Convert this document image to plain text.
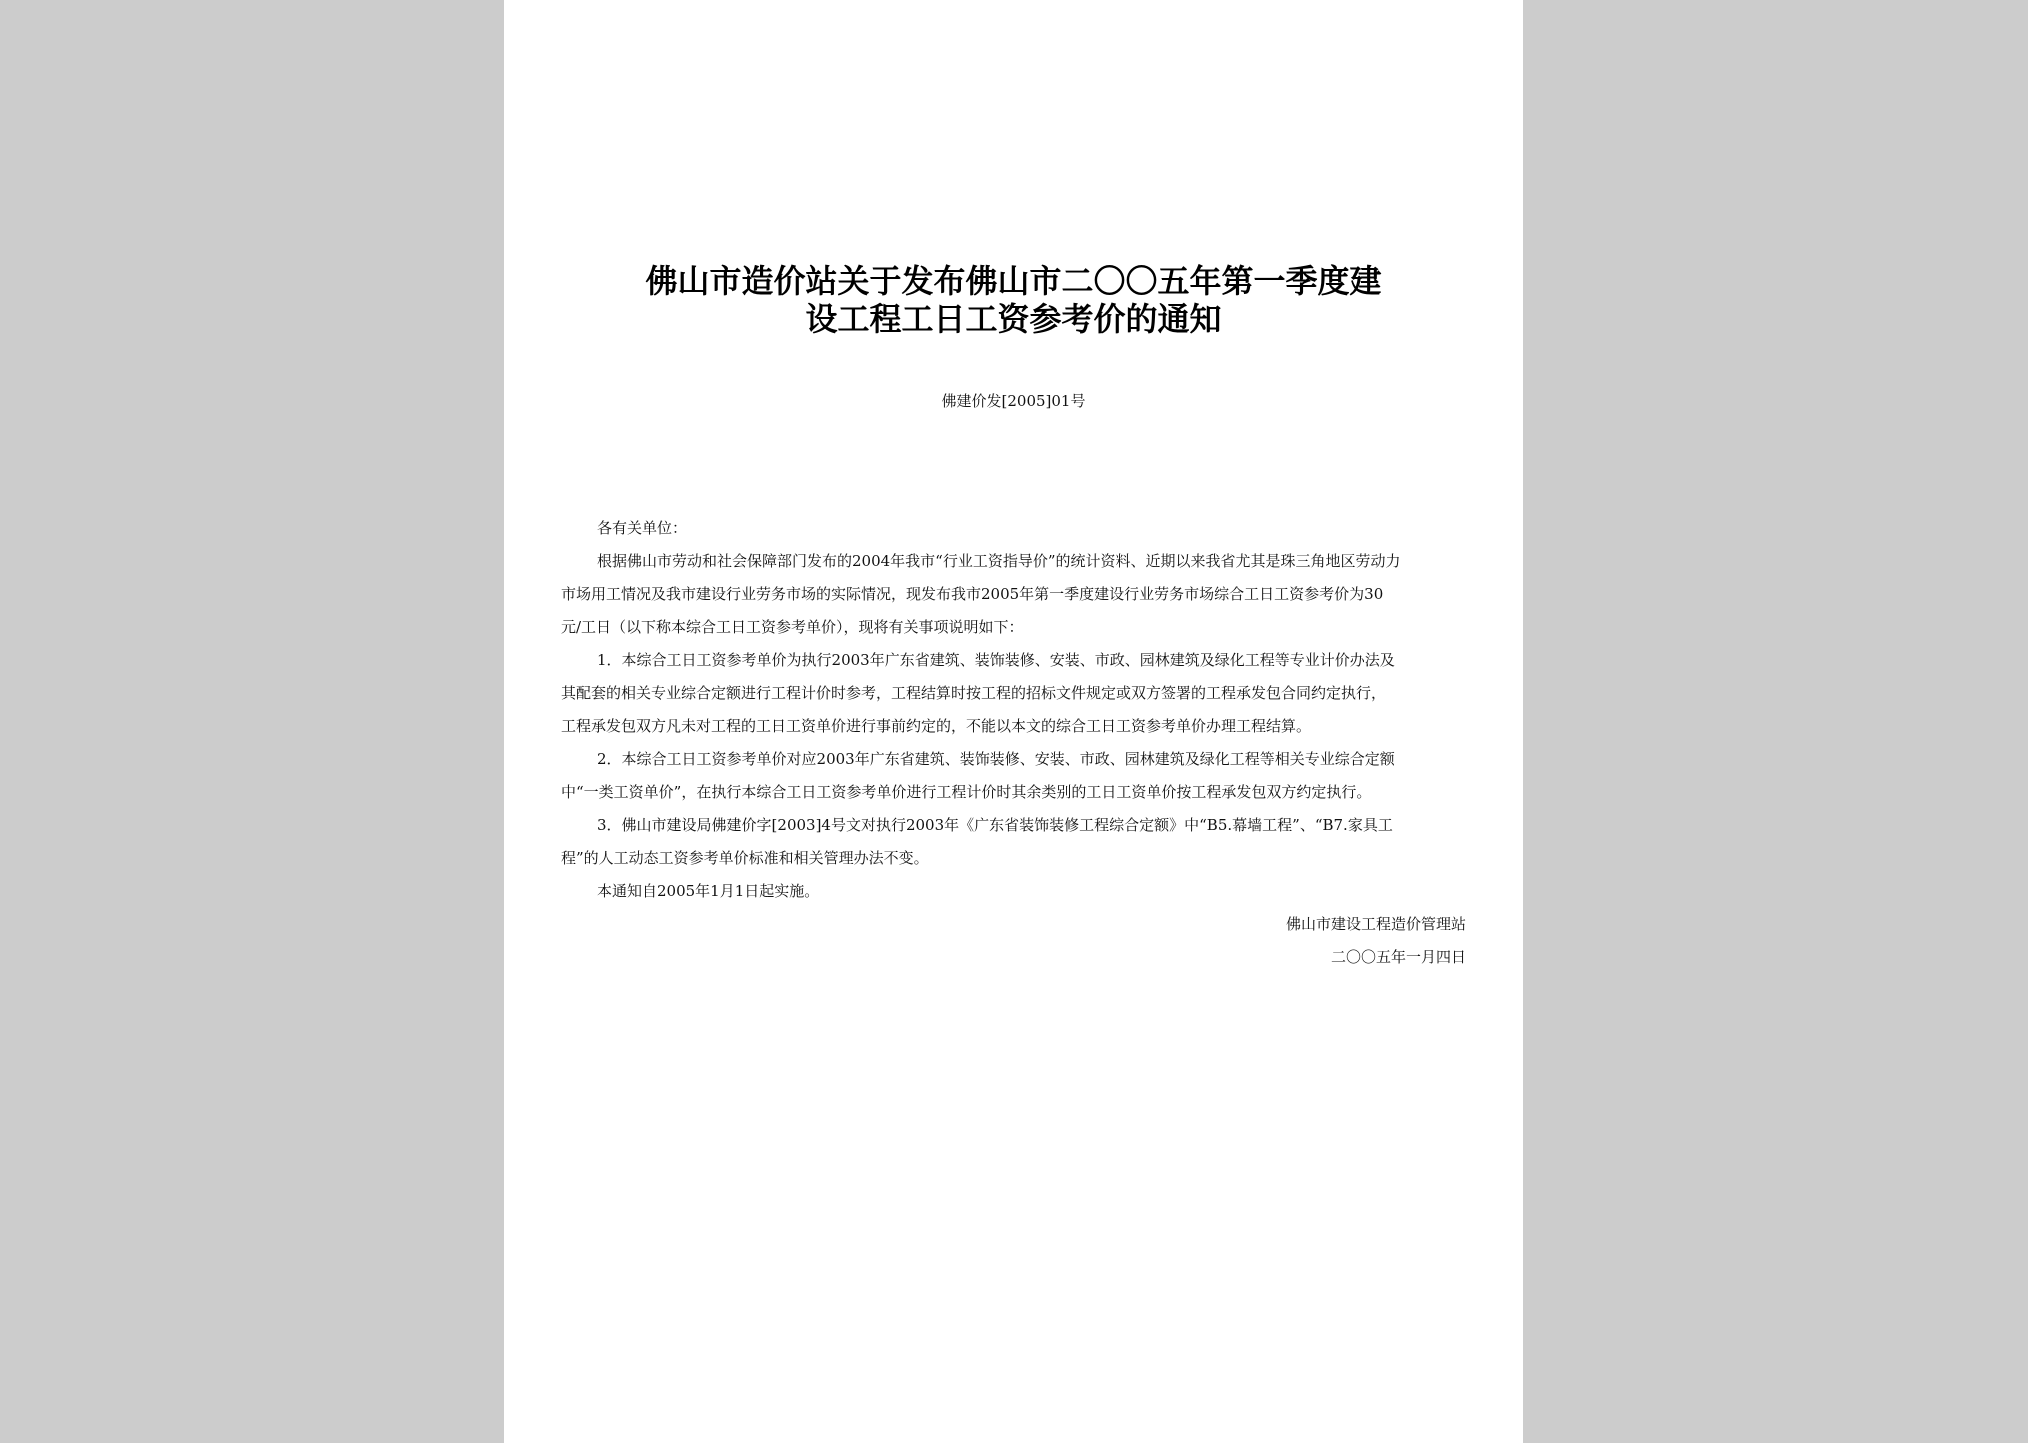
佛山市造价站关于发布佛山市二〇〇五年第一季度建
设工程工日工资参考价的通知
佛建价发[2005]01号
各有关单位：
根据佛山市劳动和社会保障部门发布的2004年我市“行业工资指导价”的统计资料、近期以来我省尤其是珠三角地区劳动力
市场用工情况及我市建设行业劳务市场的实际情况，现发布我市2005年第一季度建设行业劳务市场综合工日工资参考价为30
元/工日（以下称本综合工日工资参考单价），现将有关事项说明如下：
1．本综合工日工资参考单价为执行2003年广东省建筑、装饰装修、安装、市政、园林建筑及绿化工程等专业计价办法及
其配套的相关专业综合定额进行工程计价时参考，工程结算时按工程的招标文件规定或双方签署的工程承发包合同约定执行，
工程承发包双方凡未对工程的工日工资单价进行事前约定的，不能以本文的综合工日工资参考单价办理工程结算。
2．本综合工日工资参考单价对应2003年广东省建筑、装饰装修、安装、市政、园林建筑及绿化工程等相关专业综合定额
中“一类工资单价”，在执行本综合工日工资参考单价进行工程计价时其余类别的工日工资单价按工程承发包双方约定执行。
3．佛山市建设局佛建价字[2003]4号文对执行2003年《广东省装饰装修工程综合定额》中“B5.幕墙工程”、“B7.家具工
程”的人工动态工资参考单价标准和相关管理办法不变。
本通知自2005年1月1日起实施。
佛山市建设工程造价管理站
二〇〇五年一月四日
